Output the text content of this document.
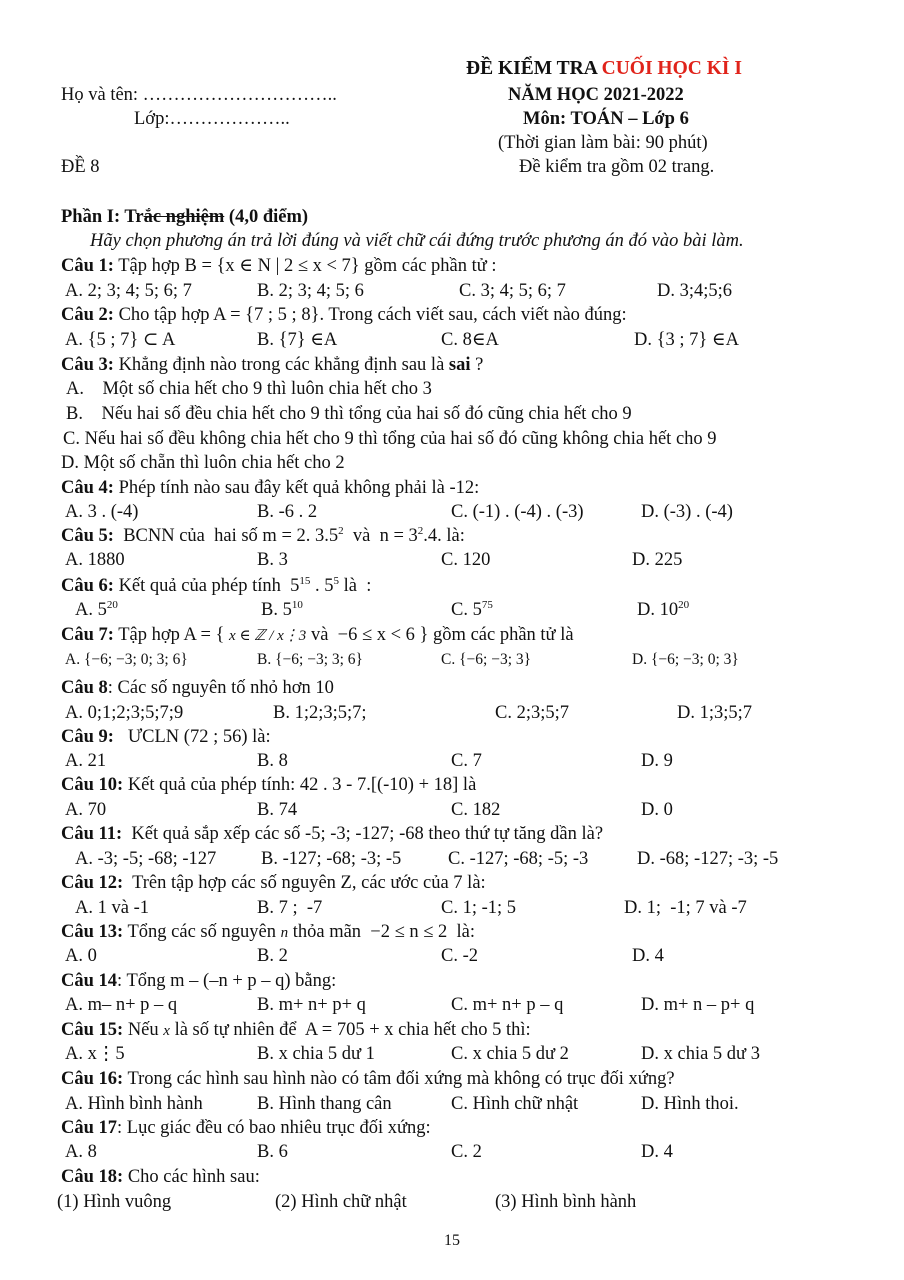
ĐỀ KIỂM TRA CUỐI HỌC KÌ I
Họ và tên: …………………………..	NĂM HỌC 2021-2022
Lớp:………………..	Môn: TOÁN – Lớp 6
(Thời gian làm bài: 90 phút)
ĐỀ 8	Đề kiểm tra gồm 02 trang.
Phần I: Trắc nghiệm (4,0 điểm)
Hãy chọn phương án trả lời đúng và viết chữ cái đứng trước phương án đó vào bài làm.
Câu 1: Tập hợp B = {x ∈ N | 2 ≤ x < 7} gồm các phần tử :
A. 2; 3; 4; 5; 6; 7	B. 2; 3; 4; 5; 6	C. 3; 4; 5; 6; 7	D. 3;4;5;6
Câu 2: Cho tập hợp A = {7 ; 5 ; 8}. Trong cách viết sau, cách viết nào đúng:
A. {5 ; 7} ⊂ A	B. {7} ∈A	C. 8∈A	D. {3 ; 7} ∈A
Câu 3: Khẳng định nào trong các khẳng định sau là sai ?
A.    Một số chia hết cho 9 thì luôn chia hết cho 3
B.    Nếu hai số đều chia hết cho 9 thì tổng của hai số đó cũng chia hết cho 9
C. Nếu hai số đều không chia hết cho 9 thì tổng của hai số đó cũng không chia hết cho 9
D. Một số chẵn thì luôn chia hết cho 2
Câu 4: Phép tính nào sau đây kết quả không phải là -12:
A. 3 . (-4)	B. -6 . 2	C. (-1) . (-4) . (-3)	D. (-3) . (-4)
Câu 5:  BCNN của  hai số m = 2. $3.5^2$  và  $n = 3^2.4$. là:
A. 1880	B. 3	C. 120	D. 225
Câu 6: Kết quả của phép tính  $5^{15}$ . $5^5$ là  :
A. $5^{20}$	B. $5^{10}$	C. $5^{75}$	D. $10^{20}$
Câu 7: Tập hợp A = { x ∈ ℤ / x⋮3 và  −6 ≤ x < 6 } gồm các phần tử là
A. {−6; −3; 0; 3; 6}	B. {−6; −3; 3; 6}	C. {−6; −3; 3}	D. {−6; −3; 0; 3}
Câu 8: Các số nguyên tố nhỏ hơn 10
A. 0;1;2;3;5;7;9	B. 1;2;3;5;7;	C. 2;3;5;7	D. 1;3;5;7
Câu 9:   ƯCLN (72 ; 56) là:
A. 21	B. 8	C. 7	D. 9
Câu 10: Kết quả của phép tính: 42 . 3 - 7.[(-10) + 18] là
A. 70	B. 74	C. 182	D. 0
Câu 11:  Kết quả sắp xếp các số -5; -3; -127; -68 theo thứ tự tăng dần là?
A. -3; -5; -68; -127 B. -127; -68; -3; -5	C. -127; -68; -5; -3	D. -68; -127; -3; -5
Câu 12:  Trên tập hợp các số nguyên Z, các ước của 7 là:
A. 1 và -1	B. 7 ;  -7	C. 1; -1; 5	D. 1;  -1; 7 và -7
Câu 13: Tổng các số nguyên n thỏa mãn  −2 ≤ n ≤ 2  là:
A. 0	B. 2	C. -2	D. 4
Câu 14: Tổng m – (–n + p – q) bằng:
A. m– n+ p – q	B. m+ n+ p+ q	C. m+ n+ p – q	D. m+ n – p+ q
Câu 15: Nếu x là số tự nhiên để  A = 705 + x chia hết cho 5 thì:
A. x⋮5	B. x chia 5 dư 1	C. x chia 5 dư 2	D. x chia 5 dư 3
Câu 16: Trong các hình sau hình nào có tâm đối xứng mà không có trục đối xứng?
A. Hình bình hành	B. Hình thang cân	C. Hình chữ nhật	D. Hình thoi.
Câu 17: Lục giác đều có bao nhiêu trục đối xứng:
A. 8	B. 6	C. 2	D. 4
Câu 18: Cho các hình sau:
(1) Hình vuông	(2) Hình chữ nhật	(3) Hình bình hành
15
